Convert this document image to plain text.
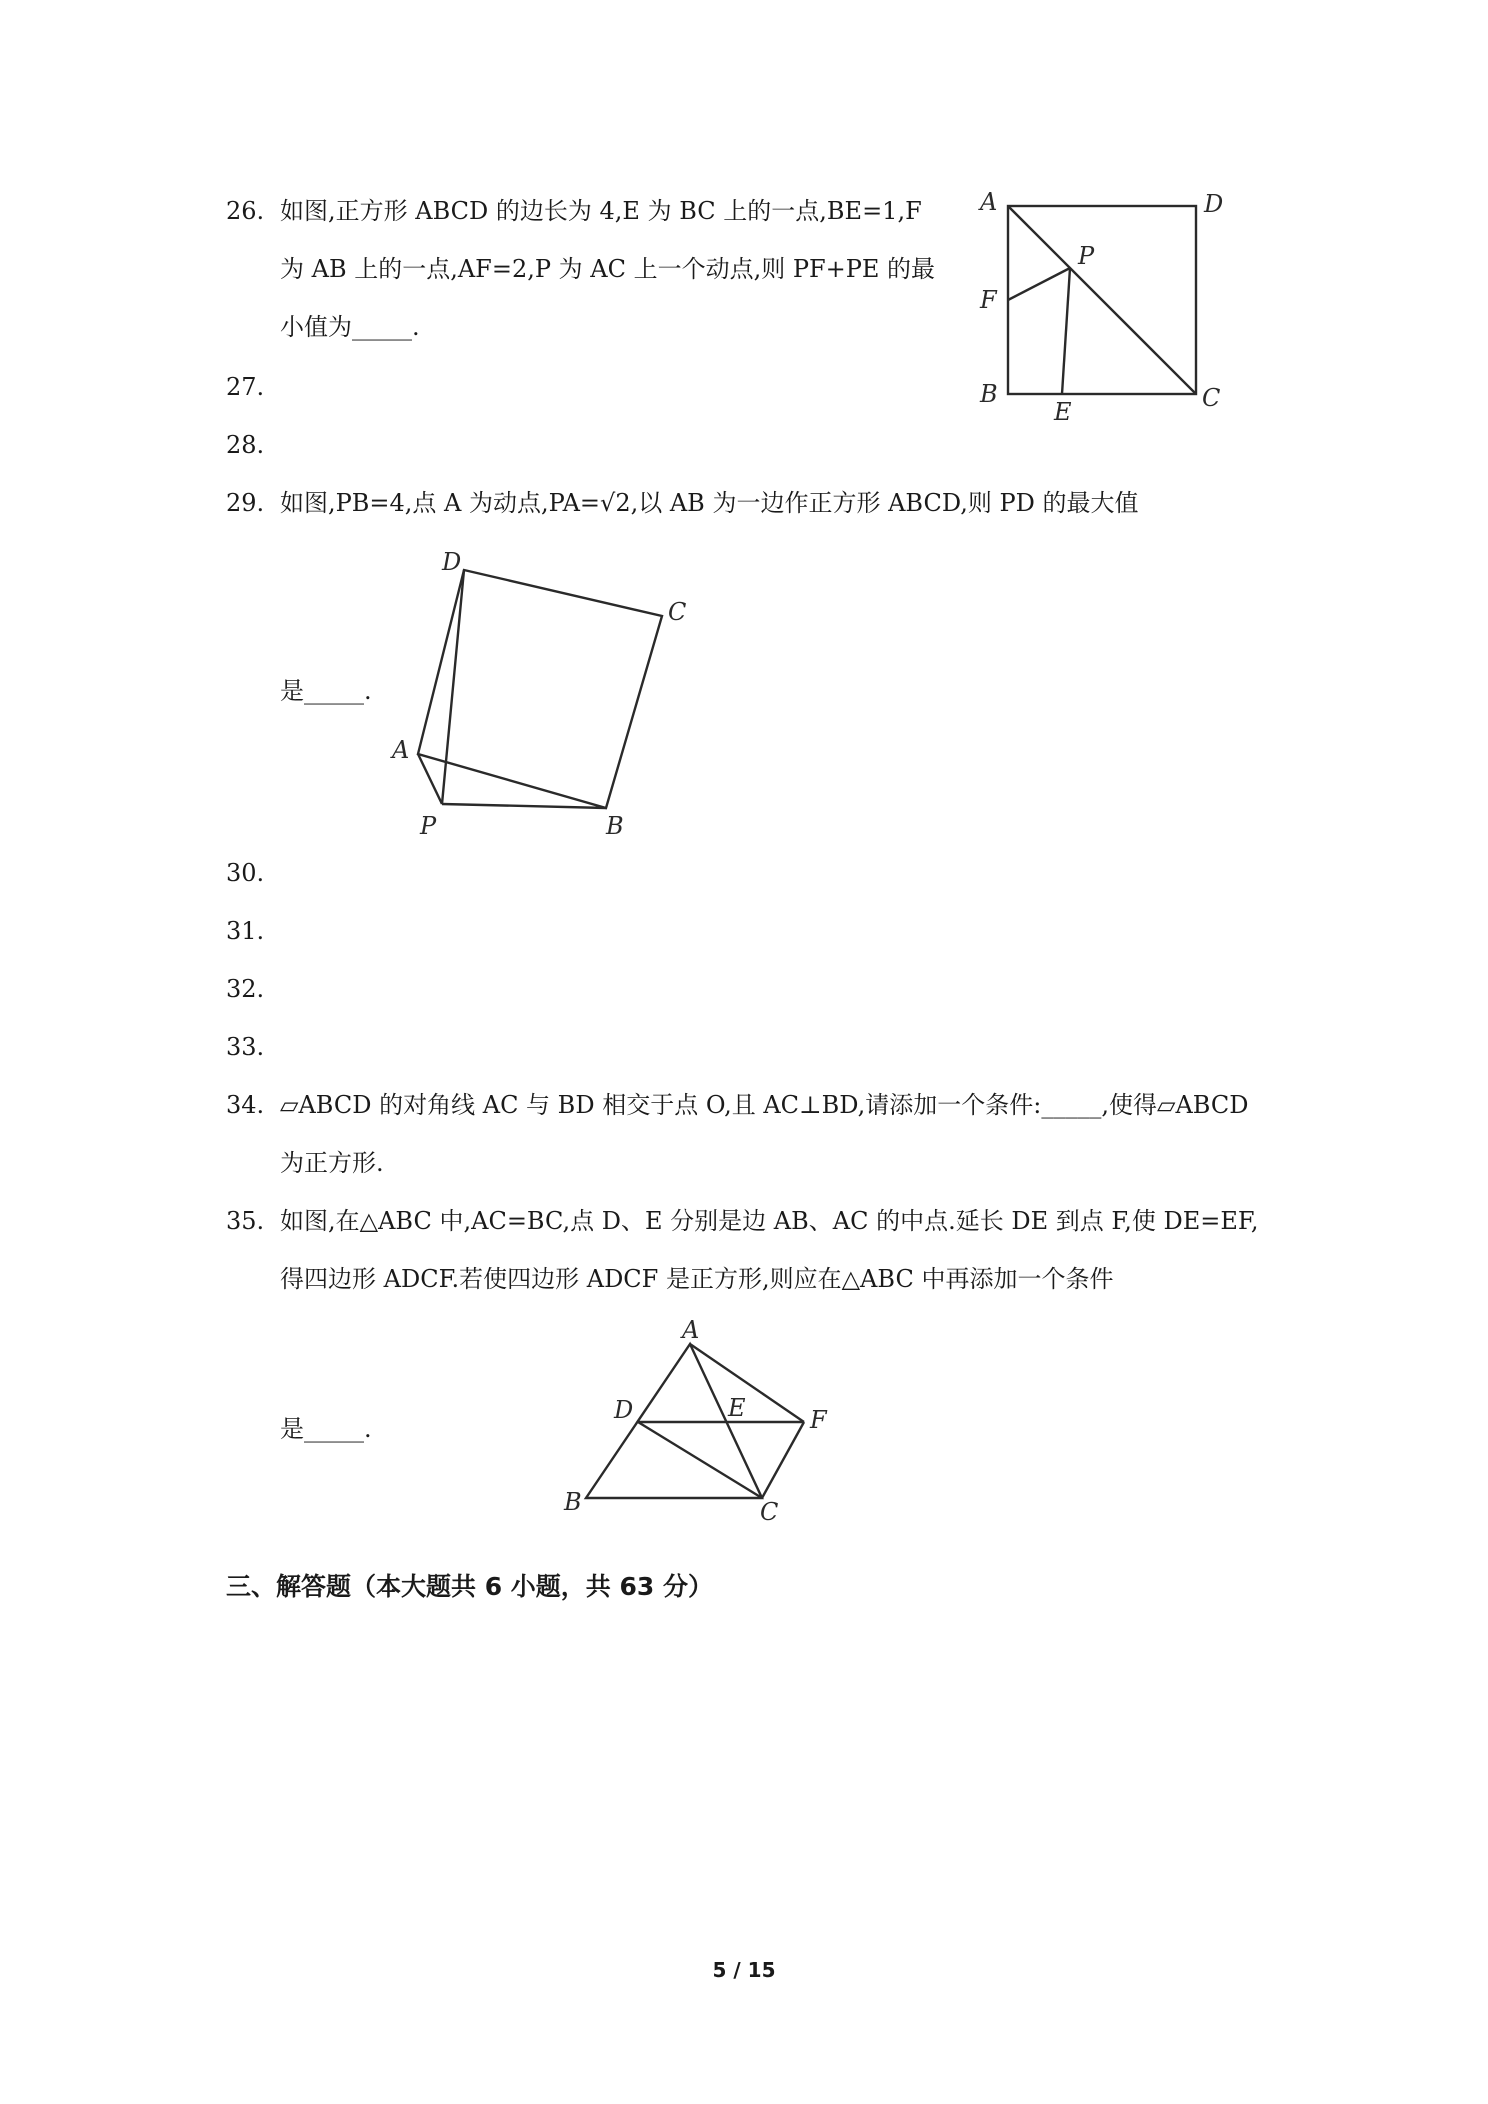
26. 如图,正方形 ABCD 的边长为 4,E 为 BC 上的一点,BE=1,F
为 AB 上的一点,AF=2,P 为 AC 上一个动点,则 PF+PE 的最
小值为_____.
A	D
P
F
B
E	C
27.
28.
29. 如图,PB=4,点 A 为动点,PA=√2,以 AB 为一边作正方形 ABCD,则 PD 的最大值
是_____.
D
C
A
P	B
30.
31.
32.
33.
34. ▱ABCD 的对角线 AC 与 BD 相交于点 O,且 AC⊥BD,请添加一个条件:_____,使得▱ABCD
为正方形.
35. 如图,在△ABC 中,AC=BC,点 D、E 分别是边 AB、AC 的中点.延长 DE 到点 F,使 DE=EF,
得四边形 ADCF.若使四边形 ADCF 是正方形,则应在△ABC 中再添加一个条件
是_____.
A
D	E	F
B	C
三、解答题（本大题共 6 小题，共 63 分）
5 / 15
